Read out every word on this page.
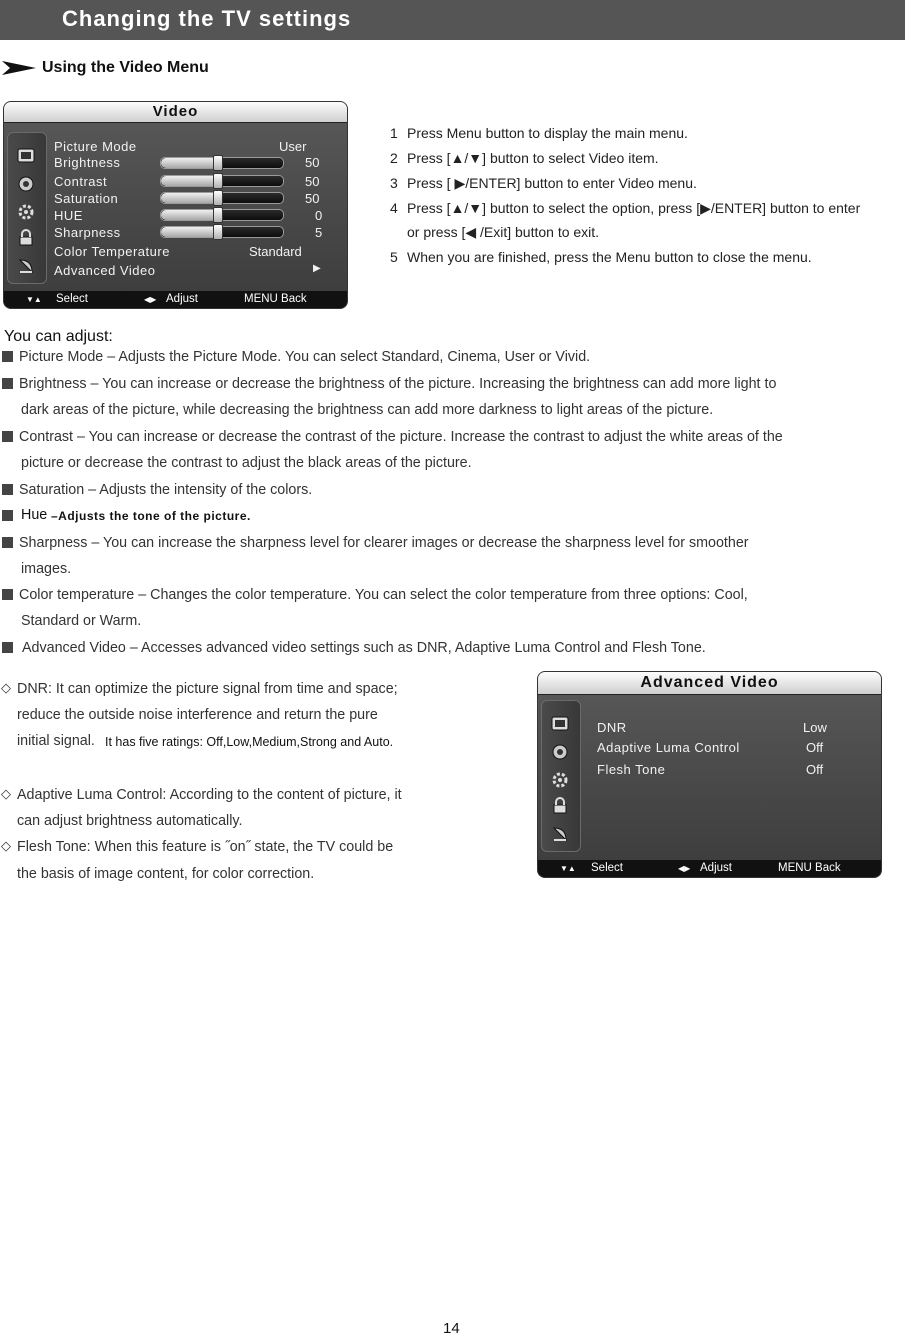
Changing the TV settings
Using the Video Menu
Video
Picture Mode	User
Brightness	50
Contrast	50
Saturation	50
HUE	0
Sharpness	5
Color Temperature	Standard
Advanced Video	▶
▼▲ Select	◀▶ Adjust	MENU Back
1 Press Menu button to display the main menu.
2 Press [▲/▼] button to select Video item.
3 Press [ ▶/ENTER] button to enter Video menu.
4 Press [▲/▼] button to select the option, press [▶/ENTER] button to enter
or press [◀ /Exit] button to exit.
5 When you are finished, press the Menu button to close the menu.
You can adjust:
Picture Mode – Adjusts the Picture Mode. You can select Standard, Cinema, User or Vivid.
Brightness – You can increase or decrease the brightness of the picture. Increasing the brightness can add more light to
dark areas of the picture, while decreasing the brightness can add more darkness to light areas of the picture.
Contrast – You can increase or decrease the contrast of the picture. Increase the contrast to adjust the white areas of the
picture or decrease the contrast to adjust the black areas of the picture.
Saturation – Adjusts the intensity of the colors.
Hue –Adjusts the tone of the picture.
Sharpness – You can increase the sharpness level for clearer images or decrease the sharpness level for smoother
images.
Color temperature – Changes the color temperature. You can select the color temperature from three options: Cool,
Standard or Warm.
Advanced Video – Accesses advanced video settings such as DNR, Adaptive Luma Control and Flesh Tone.
◇ DNR: It can optimize the picture signal from time and space;
reduce the outside noise interference and return the pure
initial signal. It has five ratings: Off,Low,Medium,Strong and Auto.
◇ Adaptive Luma Control: According to the content of picture, it
can adjust brightness automatically.
◇ Flesh Tone: When this feature is ˝on˝ state, the TV could be
the basis of image content, for color correction.
Advanced Video
DNR	Low
Adaptive Luma Control	Off
Flesh Tone	Off
▼▲ Select	◀▶ Adjust	MENU Back
14
